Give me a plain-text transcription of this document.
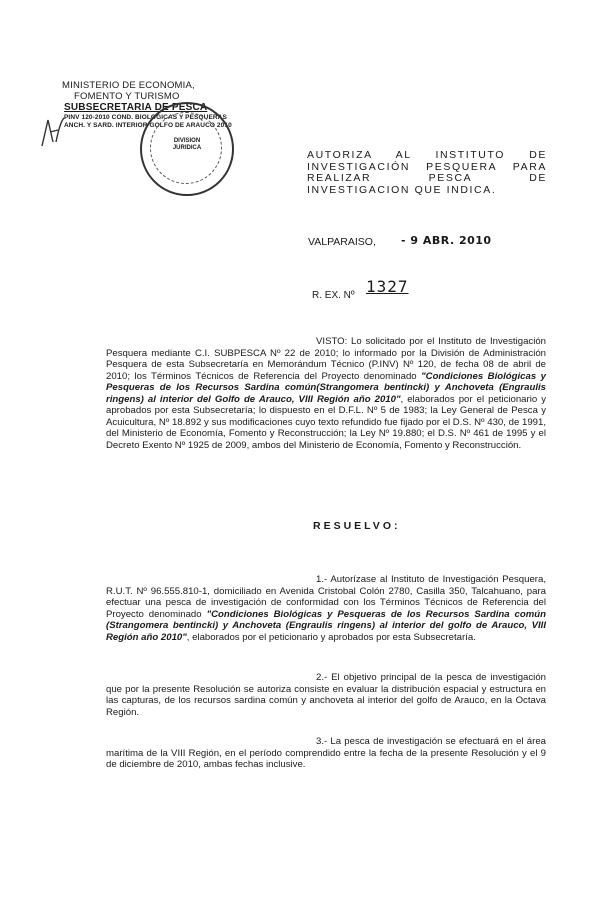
MINISTERIO DE ECONOMIA,
FOMENTO Y TURISMO
SUBSECRETARIA DE PESCA
PINV 120-2010 COND. BIOLOGICAS Y PESQUERAS
ANCH. Y SARD. INTERIOR GOLFO DE ARAUCO 2010
DIVISION
JURIDICA
AUTORIZA AL INSTITUTO DE INVESTIGACIÓN PESQUERA PARA REALIZAR PESCA DE INVESTIGACION QUE INDICA.
VALPARAISO, - 9 ABR. 2010
R. EX. Nº 1327
VISTO: Lo solicitado por el Instituto de Investigación Pesquera mediante C.I. SUBPESCA Nº 22 de 2010; lo informado por la División de Administración Pesquera de esta Subsecretaría en Memorándum Técnico (P.INV) Nº 120, de fecha 08 de abril de 2010; los Términos Técnicos de Referencia del Proyecto denominado "Condiciones Biológicas y Pesqueras de los Recursos Sardina común(Strangomera bentincki) y Anchoveta (Engraulis ringens) al interior del Golfo de Arauco, VIII Región año 2010", elaborados por el peticionario y aprobados por esta Subsecretaría; lo dispuesto en el D.F.L. Nº 5 de 1983; la Ley General de Pesca y Acuicultura, Nº 18.892 y sus modificaciones cuyo texto refundido fue fijado por el D.S. Nº 430, de 1991, del Ministerio de Economía, Fomento y Reconstrucción; la Ley Nº 19.880; el D.S. Nº 461 de 1995 y el Decreto Exento Nº 1925 de 2009, ambos del Ministerio de Economía, Fomento y Reconstrucción.
RESUELVO:
1.- Autorízase al Instituto de Investigación Pesquera, R.U.T. Nº 96.555.810-1, domiciliado en Avenida Cristobal Colón 2780, Casilla 350, Talcahuano, para efectuar una pesca de investigación de conformidad con los Términos Técnicos de Referencia del Proyecto denominado "Condiciones Biológicas y Pesqueras de los Recursos Sardina común (Strangomera bentincki) y Anchoveta (Engraulis ringens) al interior del golfo de Arauco, VIII Región año 2010", elaborados por el peticionario y aprobados por esta Subsecretaría.
2.- El objetivo principal de la pesca de investigación que por la presente Resolución se autoriza consiste en evaluar la distribución espacial y estructura en las capturas, de los recursos sardina común y anchoveta al interior del golfo de Arauco, en la Octava Región.
3.- La pesca de investigación se efectuará en el área marítima de la VIII Región, en el período comprendido entre la fecha de la presente Resolución y el 9 de diciembre de 2010, ambas fechas inclusive.
